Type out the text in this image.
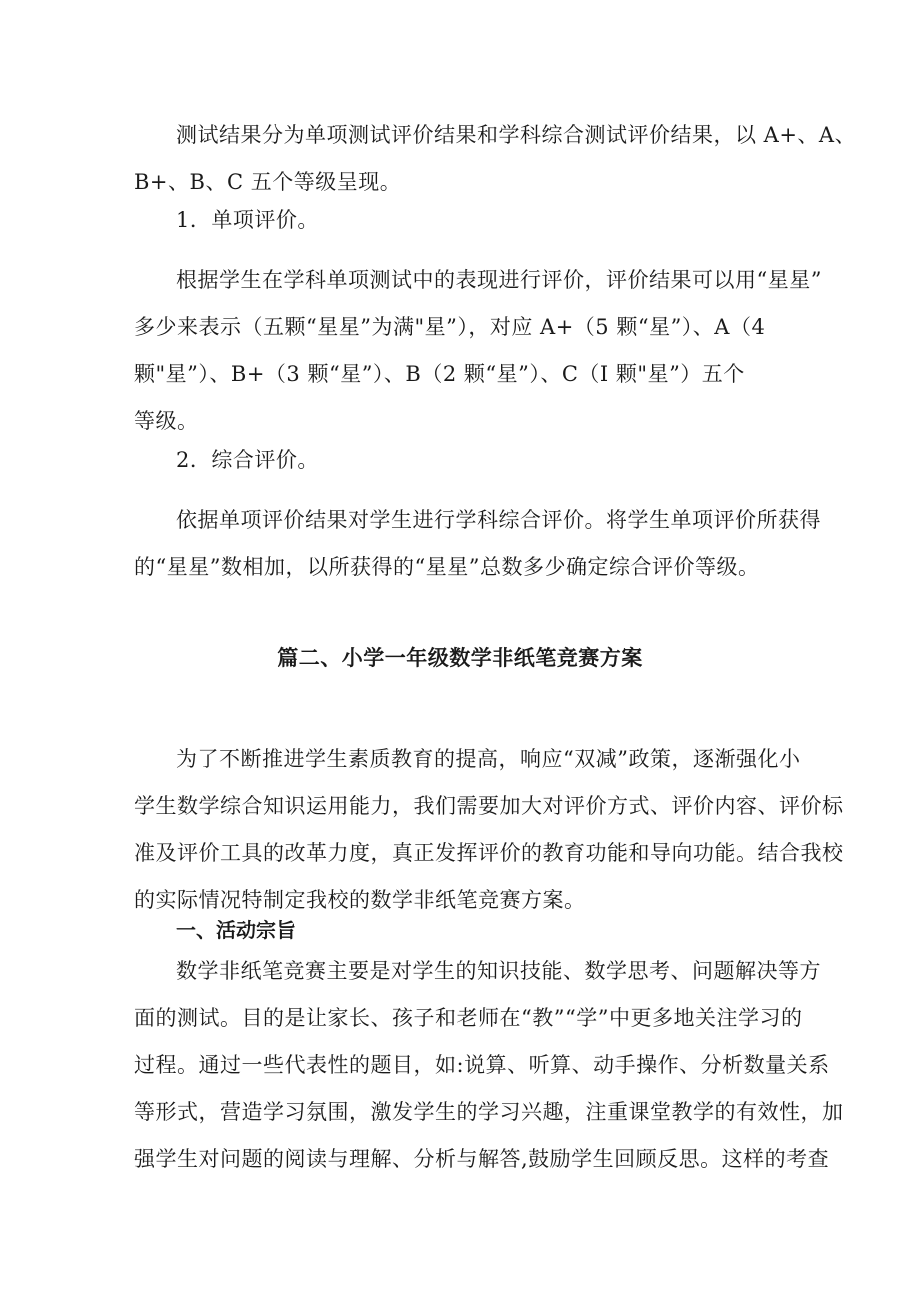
测试结果分为单项测试评价结果和学科综合测试评价结果，以 A+、A、
B+、B、C 五个等级呈现。

1．单项评价。

根据学生在学科单项测试中的表现进行评价，评价结果可以用“星星”
多少来表示（五颗“星星”为满"星”），对应 A+（5 颗“星”）、A（4
颗"星”）、B+（3 颗“星”）、B（2 颗“星”）、C（I 颗"星”）五个
等级。

2．综合评价。

依据单项评价结果对学生进行学科综合评价。将学生单项评价所获得
的“星星”数相加，以所获得的“星星”总数多少确定综合评价等级。
篇二、小学一年级数学非纸笔竞赛方案
为了不断推进学生素质教育的提高，响应“双减”政策，逐渐强化小
学生数学综合知识运用能力，我们需要加大对评价方式、评价内容、评价标
准及评价工具的改革力度，真正发挥评价的教育功能和导向功能。结合我校
的实际情况特制定我校的数学非纸笔竞赛方案。
一、活动宗旨
数学非纸笔竞赛主要是对学生的知识技能、数学思考、问题解决等方
面的测试。目的是让家长、孩子和老师在“教”“学”中更多地关注学习的
过程。通过一些代表性的题目，如:说算、听算、动手操作、分析数量关系
等形式，营造学习氛围，激发学生的学习兴趣，注重课堂教学的有效性，加
强学生对问题的阅读与理解、分析与解答,鼓励学生回顾反思。这样的考查
